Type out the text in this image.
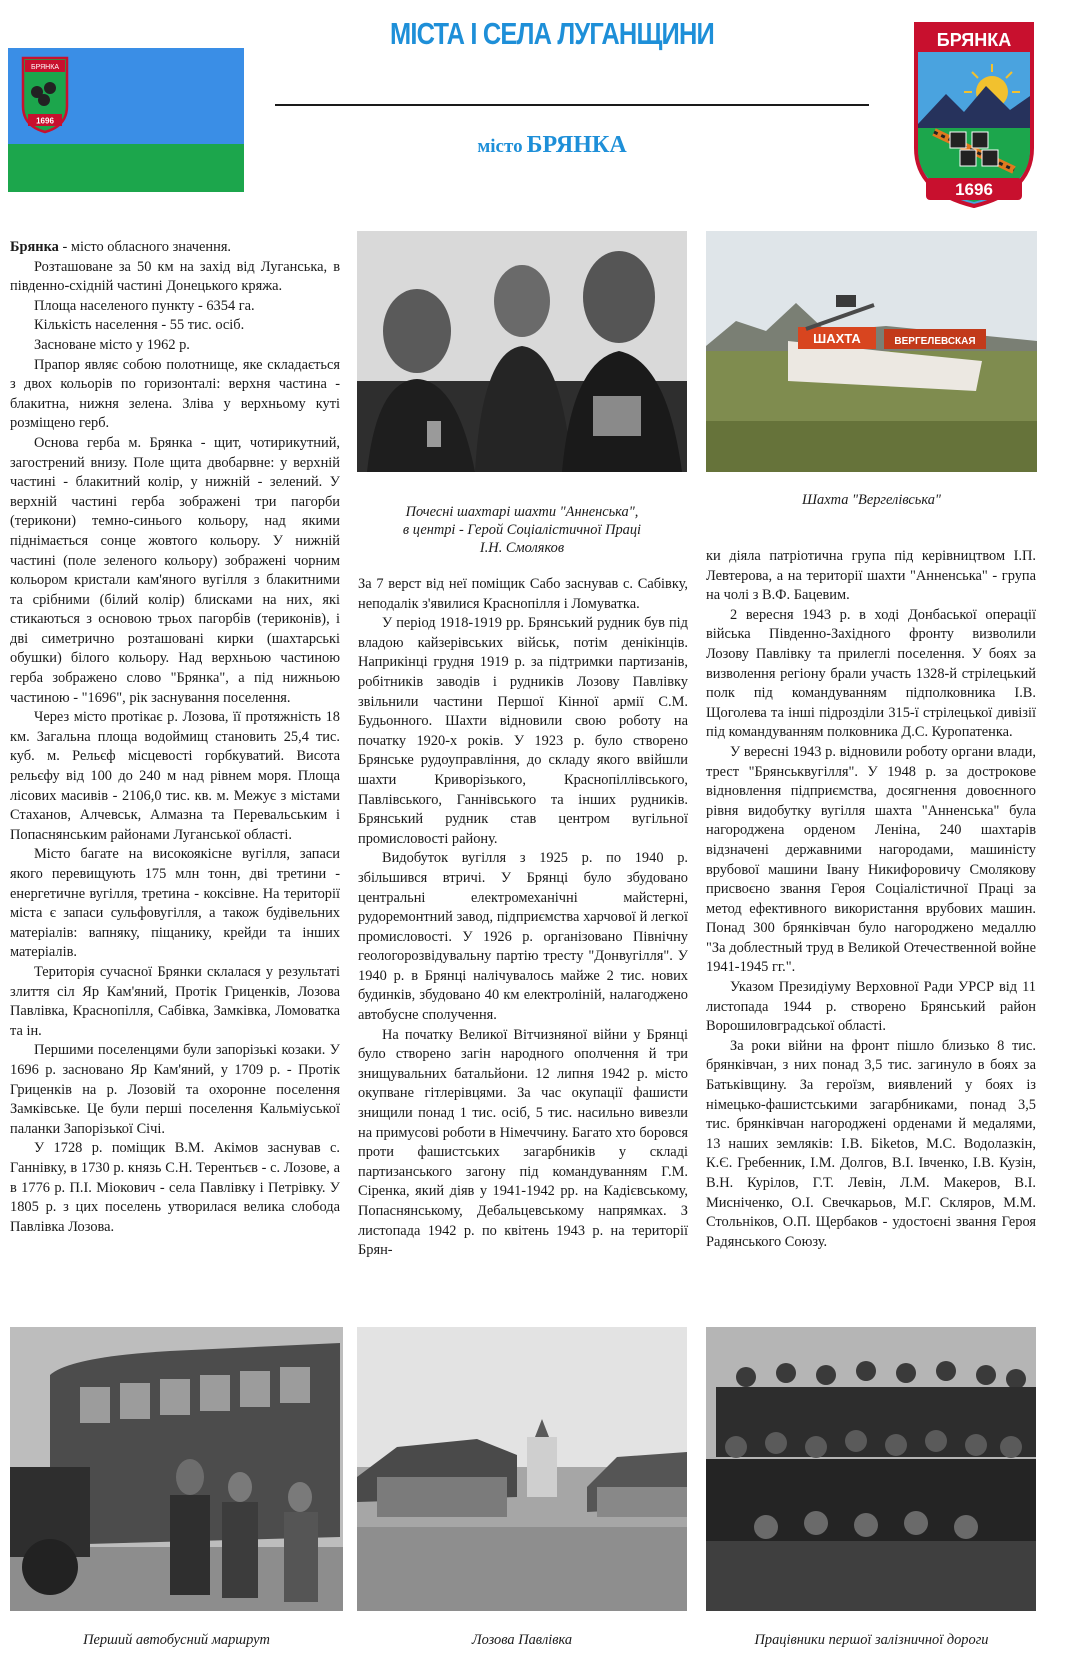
БРЯНКА
1696
МІСТА І СЕЛА ЛУГАНЩИНИ
місто БРЯНКА
БРЯНКА
1696
Почесні шахтарі шахти "Анненська",
в центрі - Герой Соціалістичної Праці
І.Н. Смоляков
ШАХТА	ВЕРГЕЛЕВСКАЯ
Шахта "Вергелівська"

Брянка - місто обласного значення.

Розташоване за 50 км на захід від Луганська, в південно-східній частині Донецького кряжа.

Площа населеного пункту - 6354 га.

Кількість населення - 55 тис. осіб.

Засноване місто у 1962 р.

Прапор являє собою полотнище, яке складається з двох кольорів по горизонталі: верхня частина - блакитна, нижня зелена. Зліва у верхньому куті розміщено герб.

Основа герба м. Брянка - щит, чотирикутний, загострений внизу. Поле щита двобарвне: у верхній частині - блакитний колір, у нижній - зелений. У верхній частині герба зображені три пагорби (терикони) темно-синього кольору, над якими піднімається сонце жовтого кольору. У нижній частині (поле зеленого кольору) зображені чорним кольором кристали кам'яного вугілля з блакитними та срібними (білий колір) блисками на них, які стикаються з основою трьох пагорбів (териконів), і дві симетрично розташовані кирки (шахтарські обушки) білого кольору. Над верхньою частиною герба зображено слово "Брянка", а під нижньою частиною - "1696", рік заснування поселення.

Через місто протікає р. Лозова, її протяжність 18 км. Загальна площа водоймищ становить 25,4 тис. куб. м. Рельєф місцевості горбкуватий. Висота рельєфу від 100 до 240 м над рівнем моря. Площа лісових масивів - 2106,0 тис. кв. м. Межує з містами Стаханов, Алчевськ, Алмазна та Перевальським і Попаснянським районами Луганської області.

Місто багате на високоякісне вугілля, запаси якого перевищують 175 млн тонн, дві третини - енергетичне вугілля, третина - коксівне. На території міста є запаси сульфовугілля, а також будівельних матеріалів: вапняку, піщанику, крейди та інших матеріалів.

Територія сучасної Брянки склалася у результаті злиття сіл Яр Кам'яний, Протік Гриценків, Лозова Павлівка, Краснопілля, Сабівка, Замківка, Ломоватка та ін.

Першими поселенцями були запорізькі козаки. У 1696 р. засновано Яр Кам'яний, у 1709 р. - Протік Гриценків на р. Лозовій та охоронне поселення Замківське. Це були перші поселення Кальміуської паланки Запорізької Січі.

У 1728 р. поміщик В.М. Акімов заснував с. Ганнівку, в 1730 р. князь С.Н. Терентьєв - с. Лозове, а в 1776 р. П.І. Міокович - села Павлівку і Петрівку. У 1805 р. з цих поселень утворилася велика слобода Павлівка Лозова.

За 7 верст від неї поміщик Сабо заснував с. Сабівку, неподалік з'явилися Краснопілля і Ломуватка.

У період 1918-1919 рр. Брянський рудник був під владою кайзерівських військ, потім денікінців. Наприкінці грудня 1919 р. за підтримки партизанів, робітників заводів і рудників Лозову Павлівку звільнили частини Першої Кінної армії С.М. Будьонного. Шахти відновили свою роботу на початку 1920-х років. У 1923 р. було створено Брянське рудоуправління, до складу якого ввійшли шахти Криворізького, Краснопіллівського, Павлівського, Ганнівського та інших рудників. Брянський рудник став центром вугільної промисловості району.

Видобуток вугілля з 1925 р. по 1940 р. збільшився втричі. У Брянці було збудовано центральні електромеханічні майстерні, рудоремонтний завод, підприємства харчової й легкої промисловості. У 1926 р. організовано Північну геологорозвідувальну партію тресту "Донвугілля". У 1940 р. в Брянці налічувалось майже 2 тис. нових будинків, збудовано 40 км електроліній, налагоджено автобусне сполучення.

На початку Великої Вітчизняної війни у Брянці було створено загін народного ополчення й три знищувальних батальйони. 12 липня 1942 р. місто окупване гітлерівцями. За час окупації фашисти знищили понад 1 тис. осіб, 5 тис. насильно вивезли на примусові роботи в Німеччину. Багато хто боровся проти фашистських загарбників у складі партизанського загону під командуванням Г.М. Сіренка, який діяв у 1941-1942 рр. на Кадієвському, Попаснянському, Дебальцевському напрямках. З листопада 1942 р. по квітень 1943 р. на території Брян-

ки діяла патріотична група під керівництвом І.П. Левтерова, а на території шахти "Анненська" - група на чолі з В.Ф. Бацевим.

2 вересня 1943 р. в ході Донбаської операції війська Південно-Західного фронту визволили Лозову Павлівку та прилеглі поселення. У боях за визволення регіону брали участь 1328-й стрілецький полк під командуванням підполковника І.В. Щоголева та інші підрозділи 315-ї стрілецької дивізії під командуванням полковника Д.С. Куропатенка.

У вересні 1943 р. відновили роботу органи влади, трест "Брянськвугілля". У 1948 р. за дострокове відновлення підприємства, досягнення довоєнного рівня видобутку вугілля шахта "Анненська" була нагороджена орденом Леніна, 240 шахтарів відзначені державними нагородами, машиністу врубової машини Івану Никифоровичу Смолякову присвоєно звання Героя Соціалістичної Праці за метод ефективного використання врубових машин. Понад 300 брянківчан було нагороджено медаллю "За доблестный труд в Великой Отечественной войне 1941-1945 гг.".

Указом Президіуму Верховної Ради УРСР від 11 листопада 1944 р. створено Брянський район Ворошиловградської області.

За роки війни на фронт пішло близько 8 тис. брянківчан, з них понад 3,5 тис. загинуло в боях за Батьківщину. За героїзм, виявлений у боях із німецько-фашистськими загарбниками, понад 3,5 тис. брянківчан нагороджені орденами й медалями, 13 наших земляків: І.В. Біketов, М.С. Водолазкін, К.Є. Гребенник, І.М. Долгов, В.І. Івченко, І.В. Кузін, В.Н. Курілов, Г.Т. Левін, Л.М. Макеров, В.І. Мисніченко, О.І. Свечкарьов, М.Г. Скляров, М.М. Стольніков, О.П. Щербаков - удостоєні звання Героя Радянського Союзу.

Перший автобусний маршрут	Лозова Павлівка	Працівники першої залізничної дороги
